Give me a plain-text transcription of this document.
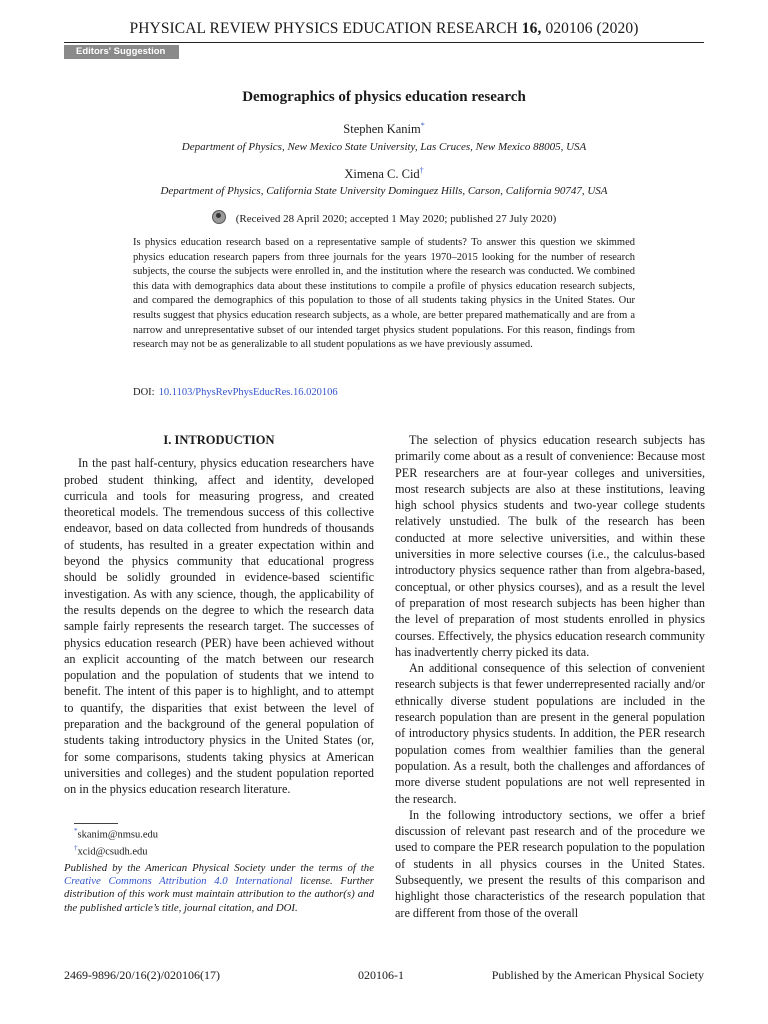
PHYSICAL REVIEW PHYSICS EDUCATION RESEARCH 16, 020106 (2020)
Editors' Suggestion
Demographics of physics education research
Stephen Kanim*
Department of Physics, New Mexico State University, Las Cruces, New Mexico 88005, USA
Ximena C. Cid†
Department of Physics, California State University Dominguez Hills, Carson, California 90747, USA
(Received 28 April 2020; accepted 1 May 2020; published 27 July 2020)

Is physics education research based on a representative sample of students? To answer this question we skimmed physics education research papers from three journals for the years 1970–2015 looking for the number of research subjects, the course the subjects were enrolled in, and the institution where the research was conducted. We combined this data with demographics data about these institutions to compile a profile of physics education research subjects, and compared the demographics of this population to those of all students taking physics in the United States. Our results suggest that physics education research subjects, as a whole, are better prepared mathematically and are from a narrow and unrepresentative subset of our intended target physics student populations. For this reason, findings from research may not be as generalizable to all student populations as we have previously assumed.

DOI: 10.1103/PhysRevPhysEducRes.16.020106
I. INTRODUCTION

In the past half-century, physics education researchers have probed student thinking, affect and identity, developed curricula and tools for measuring progress, and created theoretical models. The tremendous success of this collective endeavor, based on data collected from hundreds of thousands of students, has resulted in a greater expectation within and beyond the physics community that educational progress should be solidly grounded in evidence-based scientific investigation. As with any science, though, the applicability of the results depends on the degree to which the research data sample fairly represents the research target. The successes of physics education research (PER) have been achieved without an explicit accounting of the match between our research population and the population of students that we intend to benefit. The intent of this paper is to highlight, and to attempt to quantify, the disparities that exist between the level of preparation and the background of the general population of students taking introductory physics in the United States (or, for some comparisons, students taking physics at American universities and colleges) and the student population reported on in the physics education research literature.

The selection of physics education research subjects has primarily come about as a result of convenience: Because most PER researchers are at four-year colleges and universities, most research subjects are also at these institutions, leaving high school physics students and two-year college students relatively unstudied. The bulk of the research has been conducted at more selective universities, and within these universities in more selective courses (i.e., the calculus-based introductory physics sequence rather than from algebra-based, conceptual, or other physics courses), and as a result the level of preparation of most research subjects has been higher than the level of preparation of most students enrolled in physics courses. Effectively, the physics education research community has inadvertently cherry picked its data.

An additional consequence of this selection of convenient research subjects is that fewer underrepresented racially and/or ethnically diverse student populations are included in the research population than are present in the general population of introductory physics students. In addition, the PER research population comes from wealthier families than the general population. As a result, both the challenges and affordances of more diverse student populations are not well represented in the research.

In the following introductory sections, we offer a brief discussion of relevant past research and of the procedure we used to compare the PER research population to the population of students in all physics courses in the United States. Subsequently, we present the results of this comparison and highlight those characteristics of the research population that are different from those of the overall

*skanim@nmsu.edu
†xcid@csudh.edu

Published by the American Physical Society under the terms of the Creative Commons Attribution 4.0 International license. Further distribution of this work must maintain attribution to the author(s) and the published article’s title, journal citation, and DOI.

2469-9896/20/16(2)/020106(17)	020106-1	Published by the American Physical Society
